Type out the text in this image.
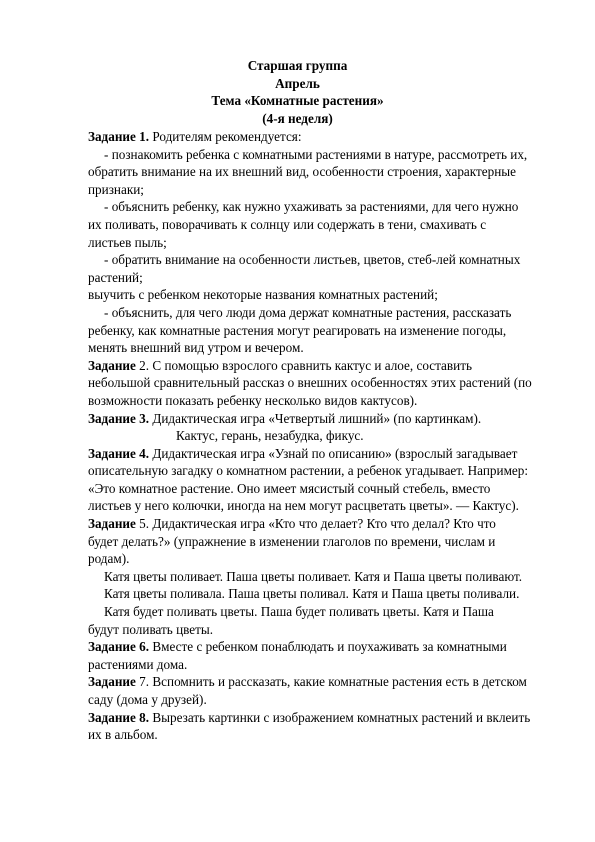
Старшая группа
Апрель
Тема «Комнатные растения»
(4-я неделя)
Задание 1. Родителям рекомендуется:
- познакомить ребенка с комнатными растениями в натуре, рассмотреть их,
обратить внимание на их внешний вид, особенности строения, характерные
признаки;
- объяснить ребенку, как нужно ухаживать за растениями, для чего нужно
их поливать, поворачивать к солнцу или содержать в тени, смахивать с
листьев пыль;
- обратить внимание на особенности листьев, цветов, стеб-лей комнатных
растений;
выучить с ребенком некоторые названия комнатных растений;
- объяснить, для чего люди дома держат комнатные растения, рассказать
ребенку, как комнатные растения могут реагировать на изменение погоды,
менять внешний вид утром и вечером.
Задание 2. С помощью взрослого сравнить кактус и алое, составить
небольшой сравнительный рассказ о внешних особенностях этих растений (по
возможности показать ребенку несколько видов кактусов).
Задание 3. Дидактическая игра «Четвертый лишний» (по картинкам).
Кактус, герань, незабудка, фикус.
Задание 4. Дидактическая игра «Узнай по описанию» (взрослый загадывает
описательную загадку о комнатном растении, а ребенок угадывает. Например:
«Это комнатное растение. Оно имеет мясистый сочный стебель, вместо
листьев у него колючки, иногда на нем могут расцветать цветы». — Кактус).
Задание 5. Дидактическая игра «Кто что делает? Кто что делал? Кто что
будет делать?» (упражнение в изменении глаголов по времени, числам и
родам).
Катя цветы поливает. Паша цветы поливает. Катя и Паша цветы поливают.
Катя цветы поливала. Паша цветы поливал. Катя и Паша цветы поливали.
Катя будет поливать цветы. Паша будет поливать цветы. Катя и Паша
будут поливать цветы.
Задание 6. Вместе с ребенком понаблюдать и поухаживать за комнатными
растениями дома.
Задание 7. Вспомнить и рассказать, какие комнатные растения есть в детском
саду (дома у друзей).
Задание 8. Вырезать картинки с изображением комнатных растений и вклеить
их в альбом.
